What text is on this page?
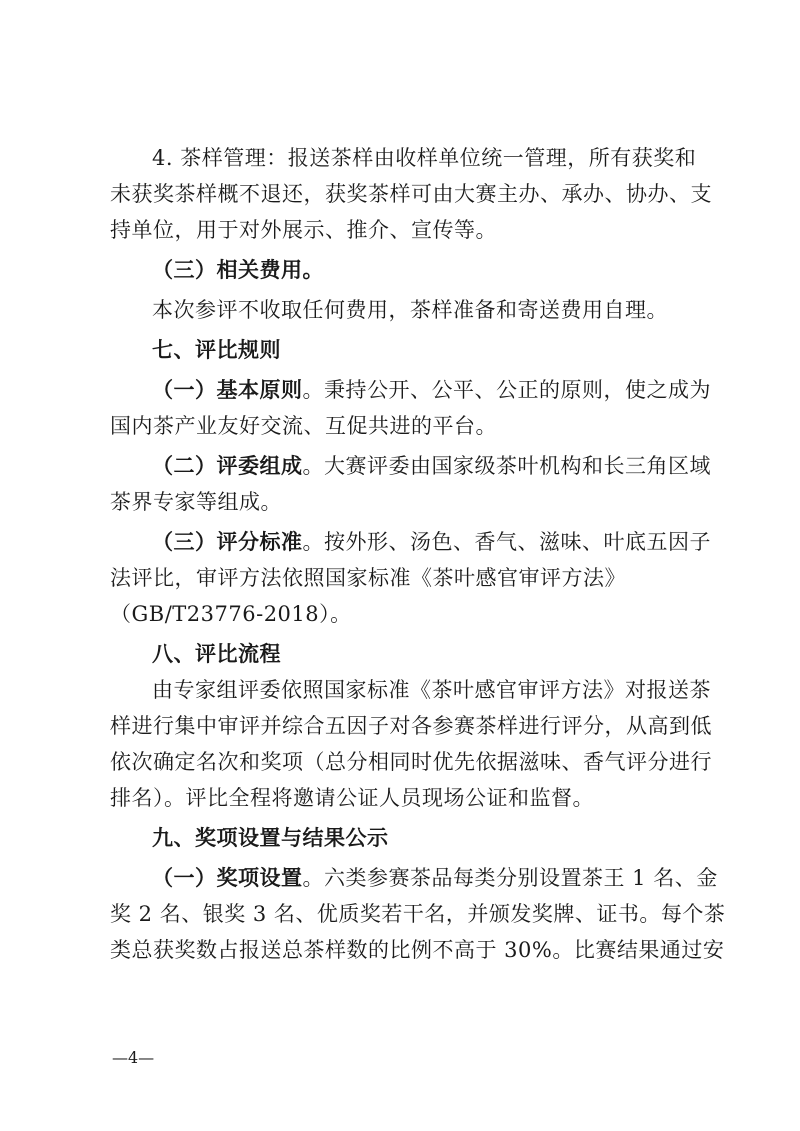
4. 茶样管理：报送茶样由收样单位统一管理，所有获奖和
未获奖茶样概不退还，获奖茶样可由大赛主办、承办、协办、支
持单位，用于对外展示、推介、宣传等。
（三）相关费用。
本次参评不收取任何费用，茶样准备和寄送费用自理。
七、评比规则
（一）基本原则。秉持公开、公平、公正的原则，使之成为
国内茶产业友好交流、互促共进的平台。
（二）评委组成。大赛评委由国家级茶叶机构和长三角区域
茶界专家等组成。
（三）评分标准。按外形、汤色、香气、滋味、叶底五因子
法评比，审评方法依照国家标准《茶叶感官审评方法》
（GB/T23776-2018）。
八、评比流程
由专家组评委依照国家标准《茶叶感官审评方法》对报送茶
样进行集中审评并综合五因子对各参赛茶样进行评分，从高到低
依次确定名次和奖项（总分相同时优先依据滋味、香气评分进行
排名）。评比全程将邀请公证人员现场公证和监督。
九、奖项设置与结果公示
（一）奖项设置。六类参赛茶品每类分别设置茶王 1 名、金
奖 2 名、银奖 3 名、优质奖若干名，并颁发奖牌、证书。每个茶
类总获奖数占报送总茶样数的比例不高于 30%。比赛结果通过安
—4—
